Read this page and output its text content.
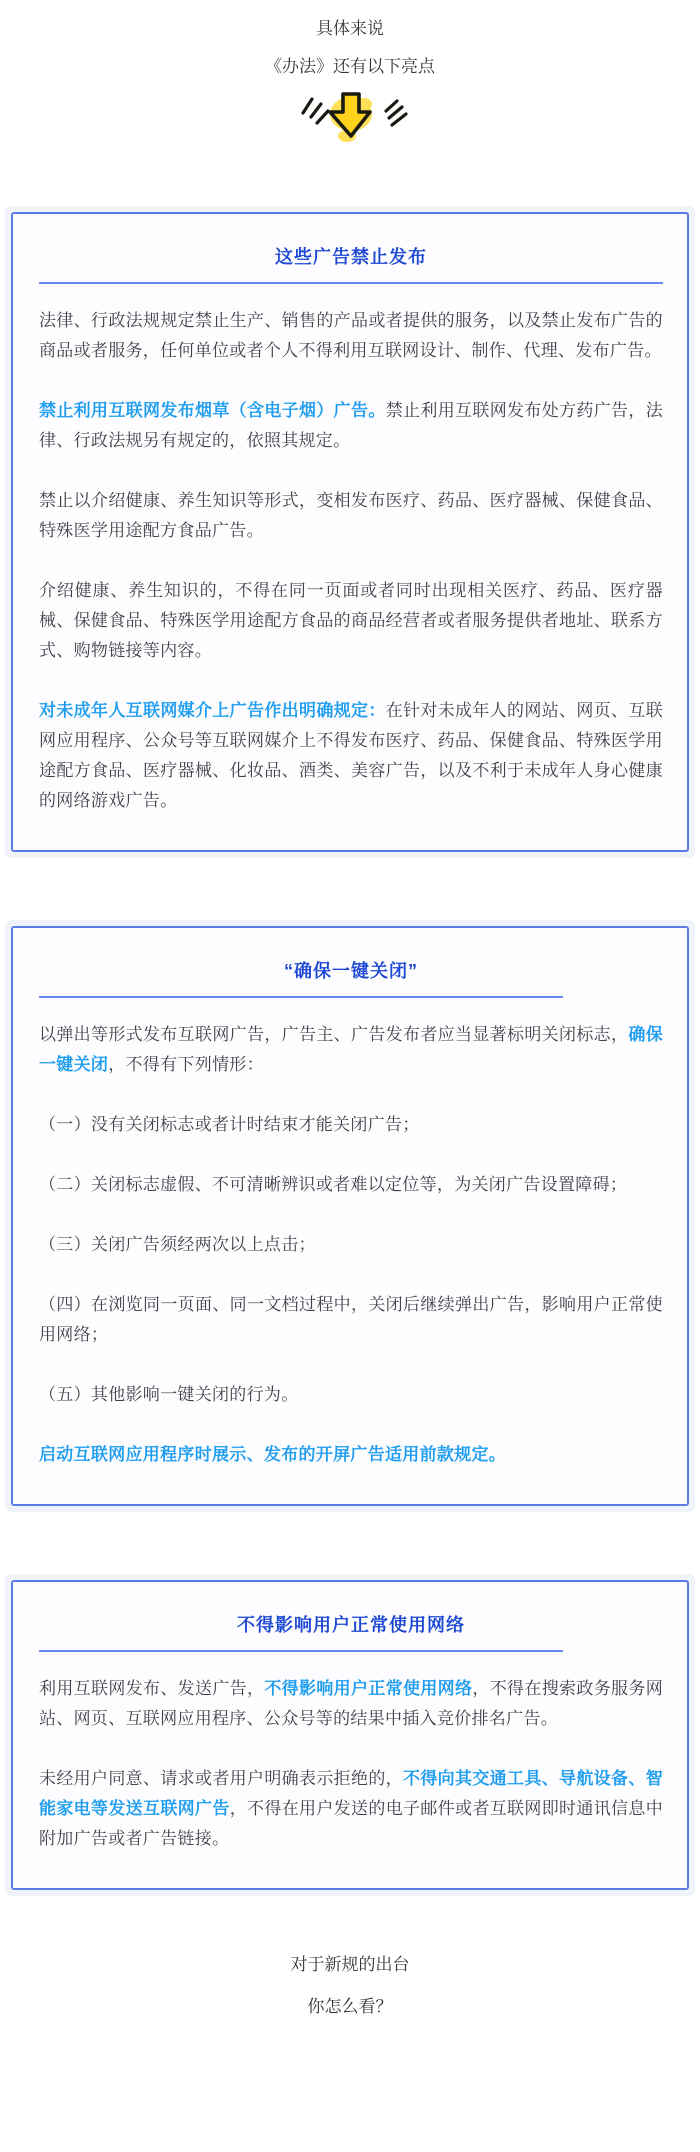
具体来说

《办法》还有以下亮点

这些广告禁止发布

法律、行政法规规定禁止生产、销售的产品或者提供的服务，以及禁止发布广告的商品或者服务，任何单位或者个人不得利用互联网设计、制作、代理、发布广告。

禁止利用互联网发布烟草（含电子烟）广告。禁止利用互联网发布处方药广告，法律、行政法规另有规定的，依照其规定。

禁止以介绍健康、养生知识等形式，变相发布医疗、药品、医疗器械、保健食品、特殊医学用途配方食品广告。

介绍健康、养生知识的，不得在同一页面或者同时出现相关医疗、药品、医疗器械、保健食品、特殊医学用途配方食品的商品经营者或者服务提供者地址、联系方式、购物链接等内容。

对未成年人互联网媒介上广告作出明确规定：在针对未成年人的网站、网页、互联网应用程序、公众号等互联网媒介上不得发布医疗、药品、保健食品、特殊医学用途配方食品、医疗器械、化妆品、酒类、美容广告，以及不利于未成年人身心健康的网络游戏广告。

“确保一键关闭”

以弹出等形式发布互联网广告，广告主、广告发布者应当显著标明关闭标志，确保一键关闭，不得有下列情形：

（一）没有关闭标志或者计时结束才能关闭广告；

（二）关闭标志虚假、不可清晰辨识或者难以定位等，为关闭广告设置障碍；

（三）关闭广告须经两次以上点击；

（四）在浏览同一页面、同一文档过程中，关闭后继续弹出广告，影响用户正常使用网络；

（五）其他影响一键关闭的行为。

启动互联网应用程序时展示、发布的开屏广告适用前款规定。

不得影响用户正常使用网络

利用互联网发布、发送广告，不得影响用户正常使用网络，不得在搜索政务服务网站、网页、互联网应用程序、公众号等的结果中插入竞价排名广告。

未经用户同意、请求或者用户明确表示拒绝的，不得向其交通工具、导航设备、智能家电等发送互联网广告，不得在用户发送的电子邮件或者互联网即时通讯信息中附加广告或者广告链接。

对于新规的出台

你怎么看？
